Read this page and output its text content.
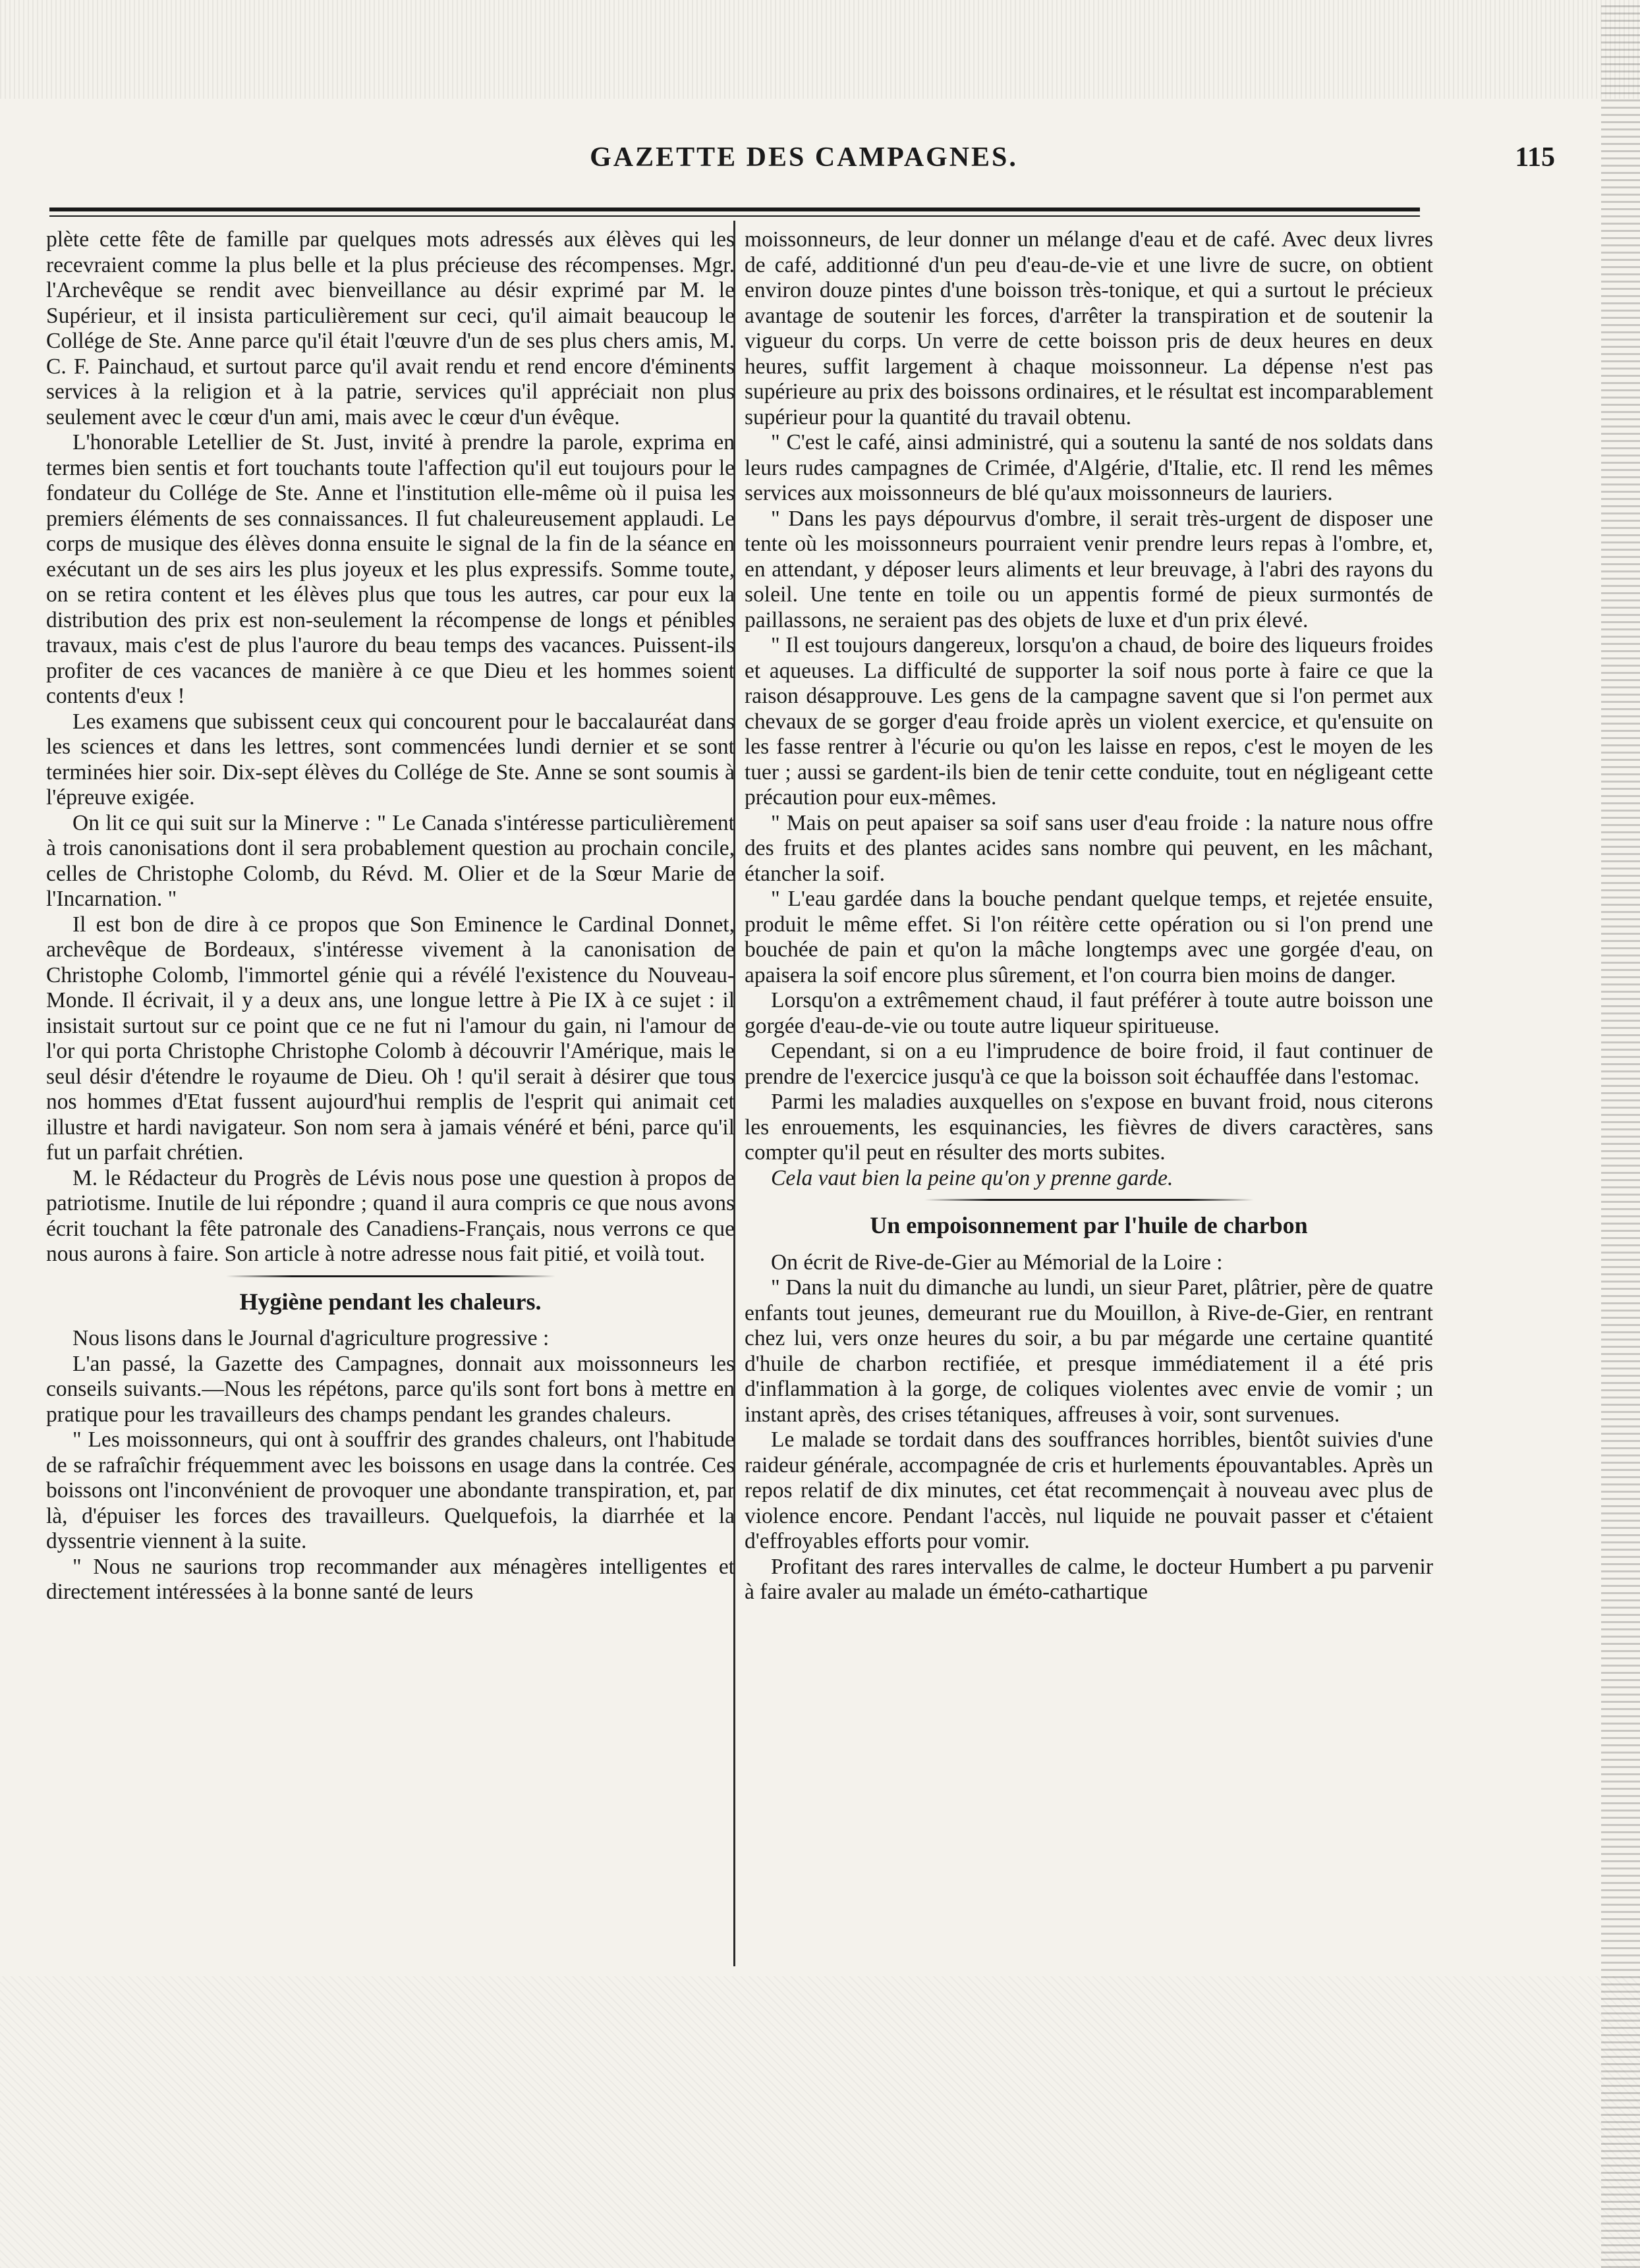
GAZETTE DES CAMPAGNES.	115

plète cette fête de famille par quelques mots adressés aux élèves qui les recevraient comme la plus belle et la plus précieuse des récompenses. Mgr. l'Archevêque se rendit avec bienveillance au désir exprimé par M. le Supérieur, et il insista particulièrement sur ceci, qu'il aimait beaucoup le Collége de Ste. Anne parce qu'il était l'œuvre d'un de ses plus chers amis, M. C. F. Painchaud, et surtout parce qu'il avait rendu et rend encore d'éminents services à la religion et à la patrie, services qu'il appréciait non plus seulement avec le cœur d'un ami, mais avec le cœur d'un évêque.

L'honorable Letellier de St. Just, invité à prendre la parole, exprima en termes bien sentis et fort touchants toute l'affection qu'il eut toujours pour le fondateur du Collége de Ste. Anne et l'institution elle-même où il puisa les premiers éléments de ses connaissances. Il fut chaleureusement applaudi. Le corps de musique des élèves donna ensuite le signal de la fin de la séance en exécutant un de ses airs les plus joyeux et les plus expressifs. Somme toute, on se retira content et les élèves plus que tous les autres, car pour eux la distribution des prix est non-seulement la récompense de longs et pénibles travaux, mais c'est de plus l'aurore du beau temps des vacances. Puissent-ils profiter de ces vacances de manière à ce que Dieu et les hommes soient contents d'eux !

Les examens que subissent ceux qui concourent pour le baccalauréat dans les sciences et dans les lettres, sont commencées lundi dernier et se sont terminées hier soir. Dix-sept élèves du Collége de Ste. Anne se sont soumis à l'épreuve exigée.

On lit ce qui suit sur la Minerve : " Le Canada s'intéresse particulièrement à trois canonisations dont il sera probablement question au prochain concile, celles de Christophe Colomb, du Révd. M. Olier et de la Sœur Marie de l'Incarnation. "

Il est bon de dire à ce propos que Son Eminence le Cardinal Donnet, archevêque de Bordeaux, s'intéresse vivement à la canonisation de Christophe Colomb, l'immortel génie qui a révélé l'existence du Nouveau-Monde. Il écrivait, il y a deux ans, une longue lettre à Pie IX à ce sujet : il insistait surtout sur ce point que ce ne fut ni l'amour du gain, ni l'amour de l'or qui porta Christophe Christophe Colomb à découvrir l'Amérique, mais le seul désir d'étendre le royaume de Dieu. Oh ! qu'il serait à désirer que tous nos hommes d'Etat fussent aujourd'hui remplis de l'esprit qui animait cet illustre et hardi navigateur. Son nom sera à jamais vénéré et béni, parce qu'il fut un parfait chrétien.

M. le Rédacteur du Progrès de Lévis nous pose une question à propos de patriotisme. Inutile de lui répondre ; quand il aura compris ce que nous avons écrit touchant la fête patronale des Canadiens-Français, nous verrons ce que nous aurons à faire. Son article à notre adresse nous fait pitié, et voilà tout.

Hygiène pendant les chaleurs.

Nous lisons dans le Journal d'agriculture progressive :

L'an passé, la Gazette des Campagnes, donnait aux moissonneurs les conseils suivants.—Nous les répétons, parce qu'ils sont fort bons à mettre en pratique pour les travailleurs des champs pendant les grandes chaleurs.

" Les moissonneurs, qui ont à souffrir des grandes chaleurs, ont l'habitude de se rafraîchir fréquemment avec les boissons en usage dans la contrée. Ces boissons ont l'inconvénient de provoquer une abondante transpiration, et, par là, d'épuiser les forces des travailleurs. Quelquefois, la diarrhée et la dyssentrie viennent à la suite.

" Nous ne saurions trop recommander aux ménagères intelligentes et directement intéressées à la bonne santé de leurs

moissonneurs, de leur donner un mélange d'eau et de café. Avec deux livres de café, additionné d'un peu d'eau-de-vie et une livre de sucre, on obtient environ douze pintes d'une boisson très-tonique, et qui a surtout le précieux avantage de soutenir les forces, d'arrêter la transpiration et de soutenir la vigueur du corps. Un verre de cette boisson pris de deux heures en deux heures, suffit largement à chaque moissonneur. La dépense n'est pas supérieure au prix des boissons ordinaires, et le résultat est incomparablement supérieur pour la quantité du travail obtenu.

" C'est le café, ainsi administré, qui a soutenu la santé de nos soldats dans leurs rudes campagnes de Crimée, d'Algérie, d'Italie, etc. Il rend les mêmes services aux moissonneurs de blé qu'aux moissonneurs de lauriers.

" Dans les pays dépourvus d'ombre, il serait très-urgent de disposer une tente où les moissonneurs pourraient venir prendre leurs repas à l'ombre, et, en attendant, y déposer leurs aliments et leur breuvage, à l'abri des rayons du soleil. Une tente en toile ou un appentis formé de pieux surmontés de paillassons, ne seraient pas des objets de luxe et d'un prix élevé.

" Il est toujours dangereux, lorsqu'on a chaud, de boire des liqueurs froides et aqueuses. La difficulté de supporter la soif nous porte à faire ce que la raison désapprouve. Les gens de la campagne savent que si l'on permet aux chevaux de se gorger d'eau froide après un violent exercice, et qu'ensuite on les fasse rentrer à l'écurie ou qu'on les laisse en repos, c'est le moyen de les tuer ; aussi se gardent-ils bien de tenir cette conduite, tout en négligeant cette précaution pour eux-mêmes.

" Mais on peut apaiser sa soif sans user d'eau froide : la nature nous offre des fruits et des plantes acides sans nombre qui peuvent, en les mâchant, étancher la soif.

" L'eau gardée dans la bouche pendant quelque temps, et rejetée ensuite, produit le même effet. Si l'on réitère cette opération ou si l'on prend une bouchée de pain et qu'on la mâche longtemps avec une gorgée d'eau, on apaisera la soif encore plus sûrement, et l'on courra bien moins de danger.

Lorsqu'on a extrêmement chaud, il faut préférer à toute autre boisson une gorgée d'eau-de-vie ou toute autre liqueur spiritueuse.

Cependant, si on a eu l'imprudence de boire froid, il faut continuer de prendre de l'exercice jusqu'à ce que la boisson soit échauffée dans l'estomac.

Parmi les maladies auxquelles on s'expose en buvant froid, nous citerons les enrouements, les esquinancies, les fièvres de divers caractères, sans compter qu'il peut en résulter des morts subites.

Cela vaut bien la peine qu'on y prenne garde.

Un empoisonnement par l'huile de charbon

On écrit de Rive-de-Gier au Mémorial de la Loire :

" Dans la nuit du dimanche au lundi, un sieur Paret, plâtrier, père de quatre enfants tout jeunes, demeurant rue du Mouillon, à Rive-de-Gier, en rentrant chez lui, vers onze heures du soir, a bu par mégarde une certaine quantité d'huile de charbon rectifiée, et presque immédiatement il a été pris d'inflammation à la gorge, de coliques violentes avec envie de vomir ; un instant après, des crises tétaniques, affreuses à voir, sont survenues.

Le malade se tordait dans des souffrances horribles, bientôt suivies d'une raideur générale, accompagnée de cris et hurlements épouvantables. Après un repos relatif de dix minutes, cet état recommençait à nouveau avec plus de violence encore. Pendant l'accès, nul liquide ne pouvait passer et c'étaient d'effroyables efforts pour vomir.

Profitant des rares intervalles de calme, le docteur Humbert a pu parvenir à faire avaler au malade un éméto-cathartique
